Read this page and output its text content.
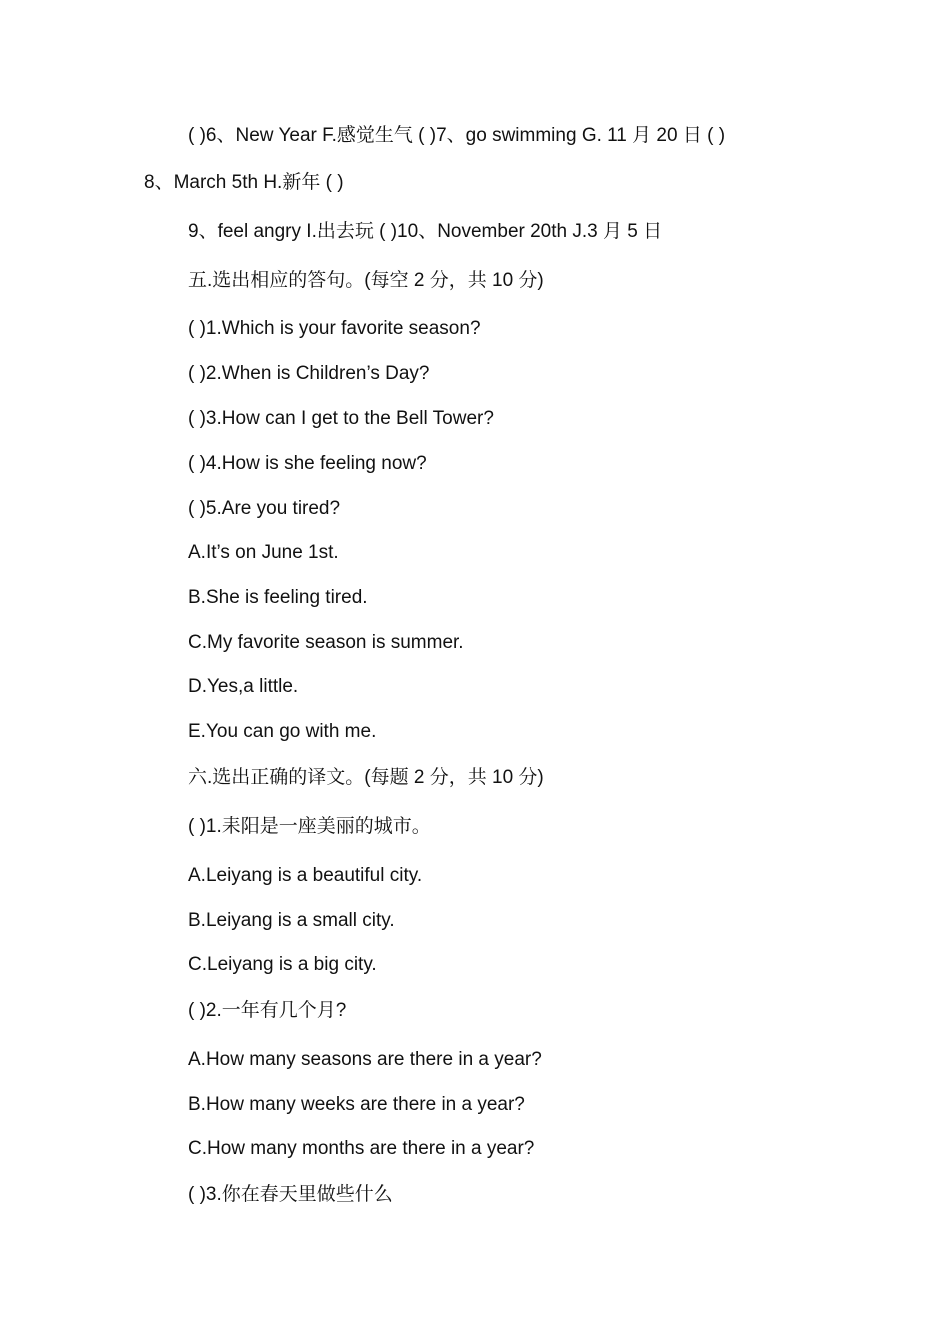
( )6、New Year F.感觉生气 ( )7、go swimming G. 11 月 20 日 ( )
8、March 5th H.新年 ( )
9、feel angry I.出去玩 ( )10、November 20th J.3 月 5 日
五.选出相应的答句。(每空 2 分，共 10 分)
( )1.Which is your favorite season?
( )2.When is Children’s Day?
( )3.How can I get to the Bell Tower?
( )4.How is she feeling now?
( )5.Are you tired?
A.It’s on June 1st.
B.She is feeling tired.
C.My favorite season is summer.
D.Yes,a little.
E.You can go with me.
六.选出正确的译文。(每题 2 分，共 10 分)
( )1.耒阳是一座美丽的城市。
A.Leiyang is a beautiful city.
B.Leiyang is a small city.
C.Leiyang is a big city.
( )2.一年有几个月?
A.How many seasons are there in a year?
B.How many weeks are there in a year?
C.How many months are there in a year?
( )3.你在春天里做些什么
